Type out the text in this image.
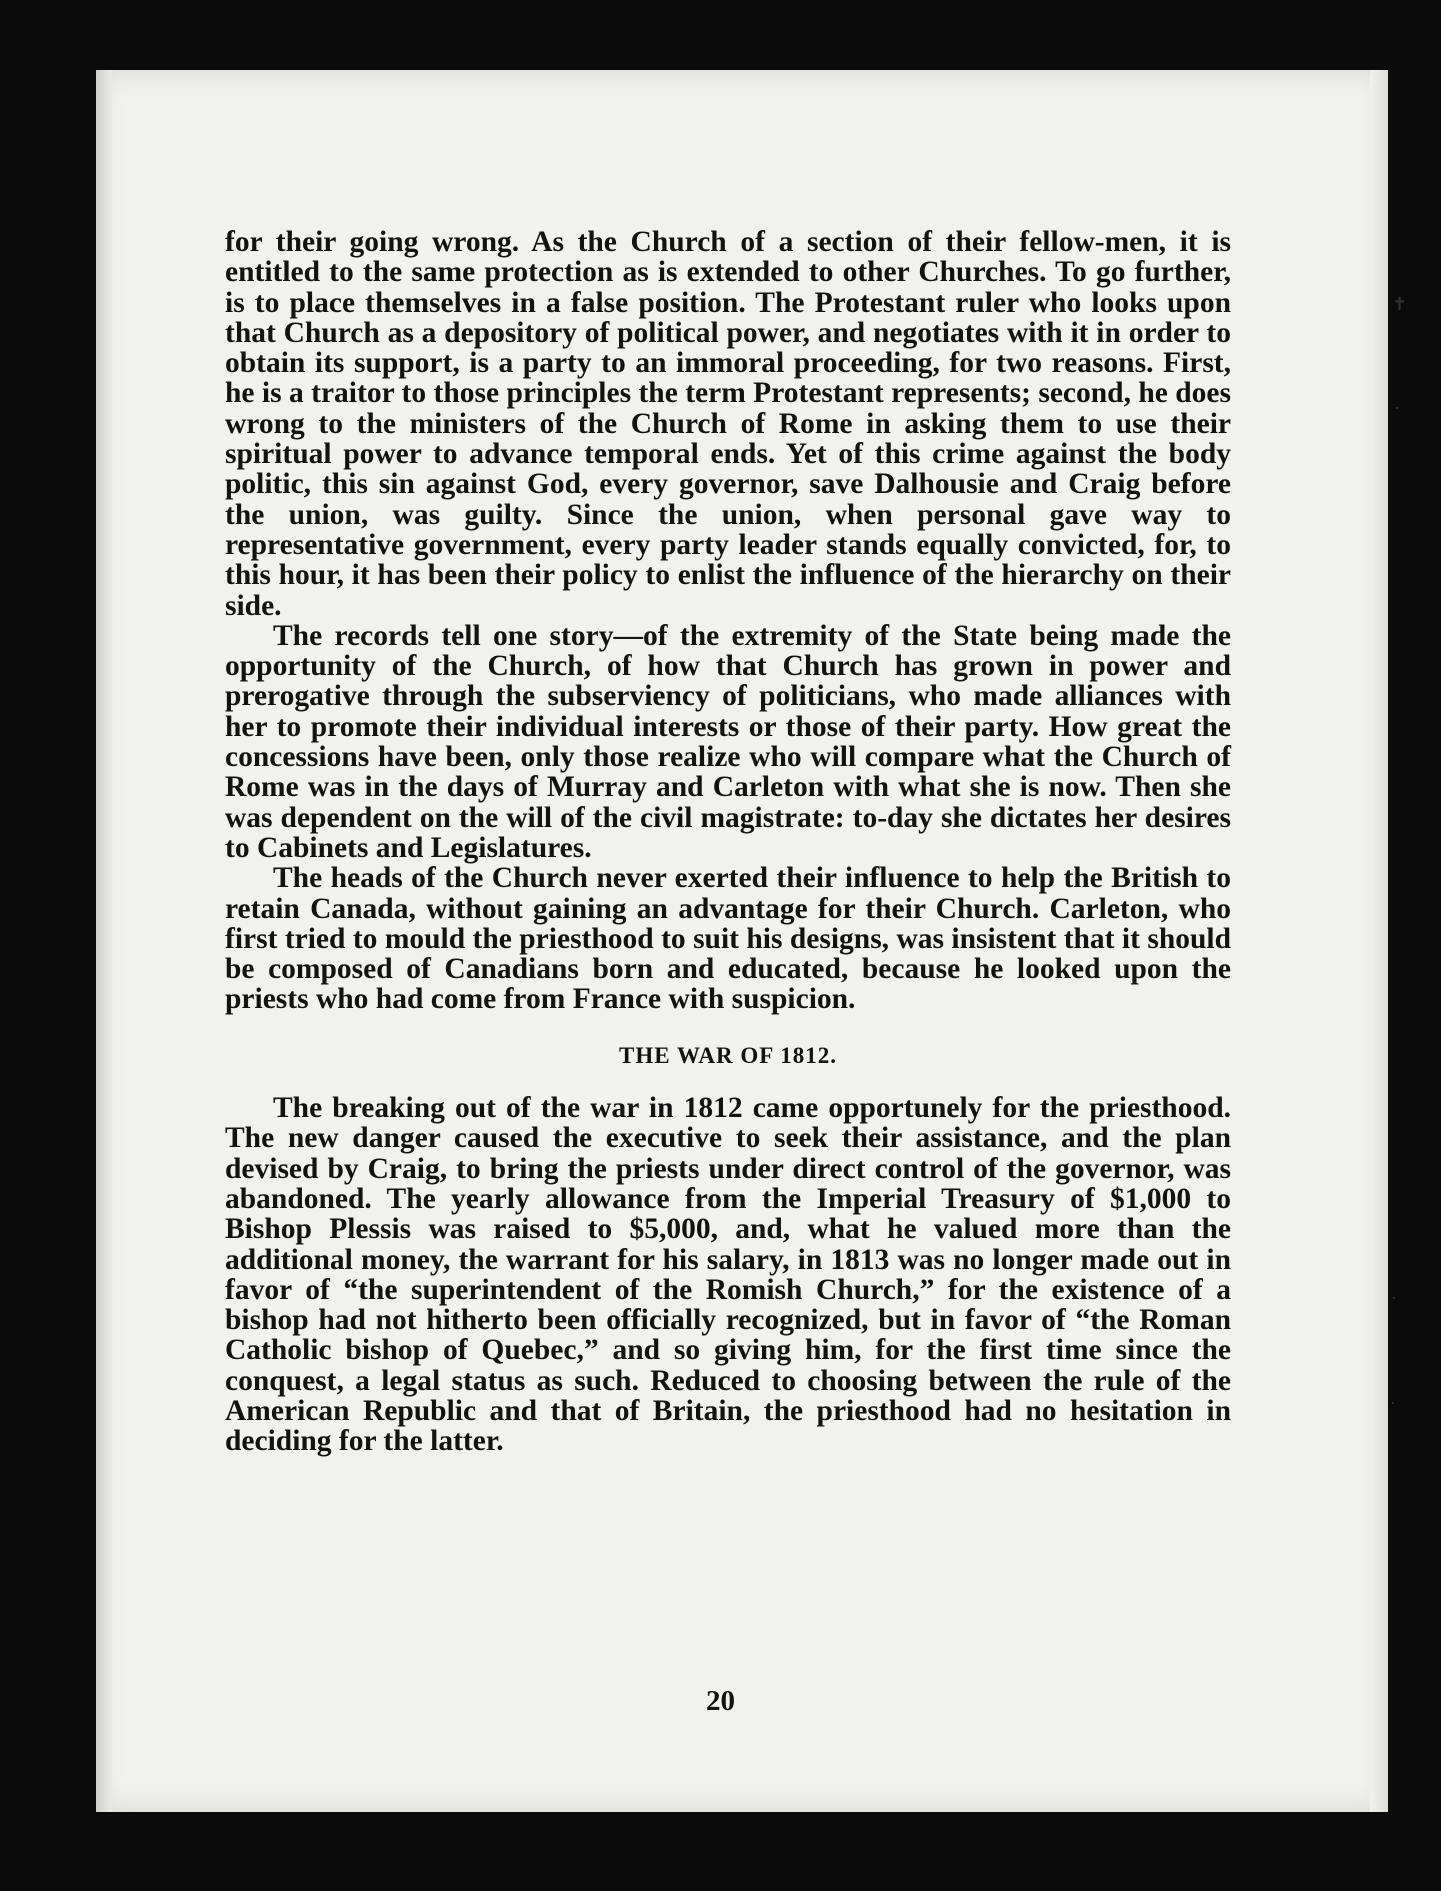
✝
·
·
·

for their going wrong. As the Church of a section of their fellow-men, it is entitled to the same protection as is extended to other Churches. To go further, is to place themselves in a false position. The Protestant ruler who looks upon that Church as a depository of political power, and negotiates with it in order to obtain its support, is a party to an immoral proceeding, for two reasons. First, he is a traitor to those principles the term Protestant represents; second, he does wrong to the ministers of the Church of Rome in asking them to use their spiritual power to advance temporal ends. Yet of this crime against the body politic, this sin against God, every governor, save Dalhousie and Craig before the union, was guilty. Since the union, when personal gave way to representative government, every party leader stands equally convicted, for, to this hour, it has been their policy to enlist the influence of the hierarchy on their side.

The records tell one story—of the extremity of the State being made the opportunity of the Church, of how that Church has grown in power and prerogative through the subserviency of politicians, who made alliances with her to promote their individual interests or those of their party. How great the concessions have been, only those realize who will compare what the Church of Rome was in the days of Murray and Carleton with what she is now. Then she was dependent on the will of the civil magistrate: to-day she dictates her desires to Cabinets and Legislatures.

The heads of the Church never exerted their influence to help the British to retain Canada, without gaining an advantage for their Church. Carleton, who first tried to mould the priesthood to suit his designs, was insistent that it should be composed of Canadians born and educated, because he looked upon the priests who had come from France with suspicion.

THE WAR OF 1812.

The breaking out of the war in 1812 came opportunely for the priesthood. The new danger caused the executive to seek their assistance, and the plan devised by Craig, to bring the priests under direct control of the governor, was abandoned. The yearly allowance from the Imperial Treasury of $1,000 to Bishop Plessis was raised to $5,000, and, what he valued more than the additional money, the warrant for his salary, in 1813 was no longer made out in favor of “the superintendent of the Romish Church,” for the existence of a bishop had not hitherto been officially recognized, but in favor of “the Roman Catholic bishop of Quebec,” and so giving him, for the first time since the conquest, a legal status as such. Reduced to choosing between the rule of the American Republic and that of Britain, the priesthood had no hesitation in deciding for the latter.

20
